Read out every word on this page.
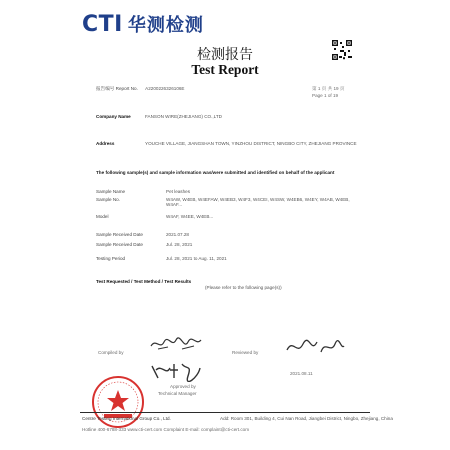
CTI 华测检测
检测报告
Test Report
报告编号 Report No. A2200226326106E	第 1 页 共 19 页
Page 1 of 19
Company Name	FANSON WIRE(ZHEJIANG) CO.,LTD
Address	YOUCHE VILLAGE, JIANGSHAN TOWN, YINZHOU DISTRICT, NINGBO CITY, ZHEJIANG PROVINCE
The following sample(s) and sample information was/were submitted and identified on behalf of the applicant
Sample Name	Pet leashes
Sample No.	W4AW, W4EB, W4EFAW, W4EB3, W4F3, W4CEI, W4SW, W4EB6, W4EY, W4AB, W4EB, W4AF...
Model	W4AF, W4EE, W4EB...
Sample Received Date	2021.07.28
Sample Received Date	Jul. 28, 2021
Testing Period	Jul. 28, 2021 to Aug. 11, 2021
Test Requested / Test Method / Test Results
(Please refer to the following page(s))
Compiled by	Reviewed by
Approved by
Technical Manager
2021.08.11
Centre Testing International Group Co., Ltd.	Add: Room 301, Building 4, Cui Nan Road, Jiangbei District, Ningbo, Zhejiang, China
Hotline 400-6788-333 www.cti-cert.com Complaint E-mail: complaint@cti-cert.com
